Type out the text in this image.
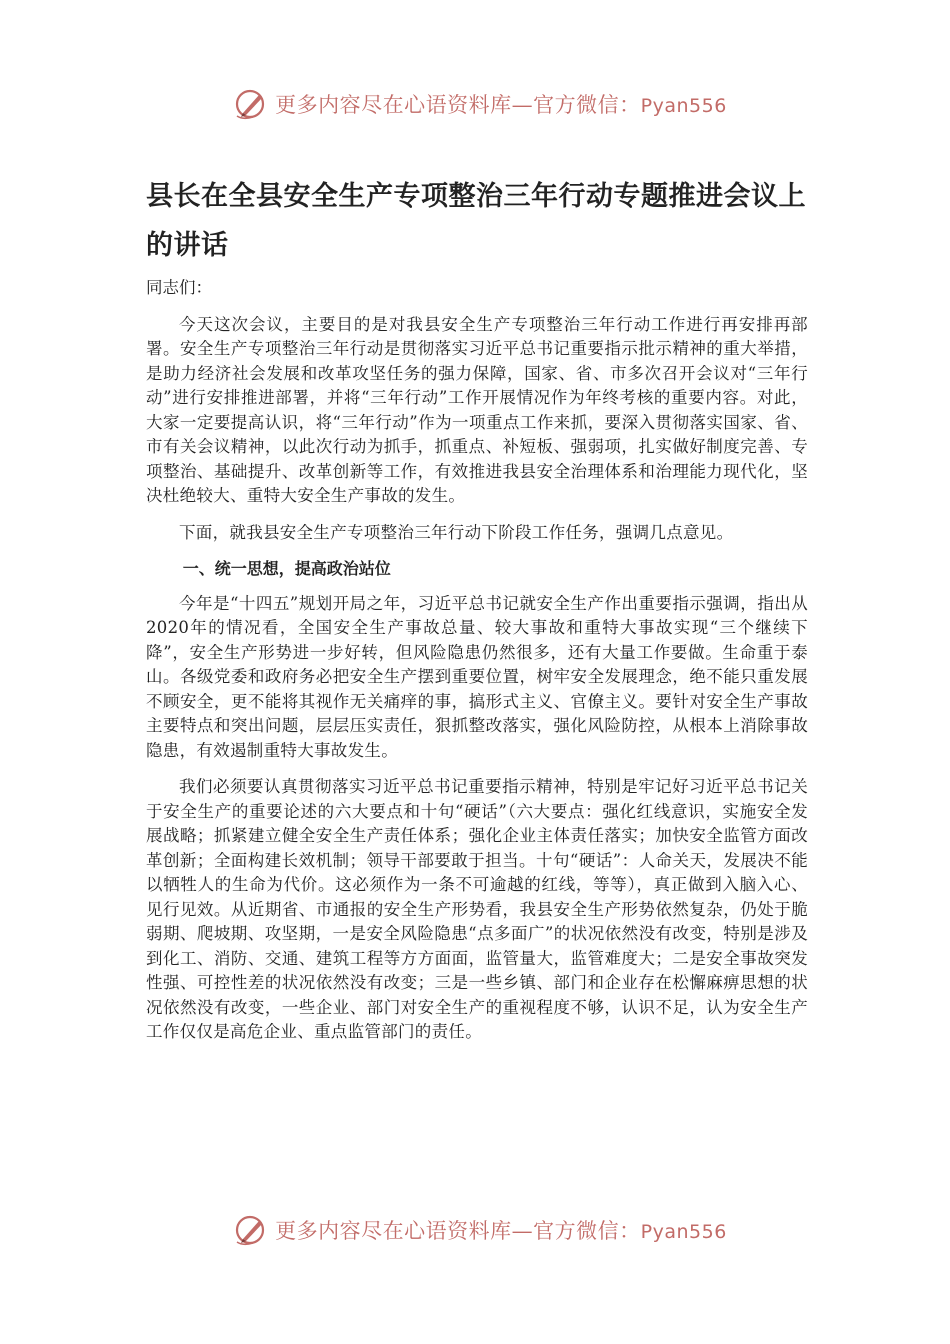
更多内容尽在心语资料库—官方微信：Pyan556
县长在全县安全生产专项整治三年行动专题推进会议上的讲话

同志们：

今天这次会议，主要目的是对我县安全生产专项整治三年行动工作进行再安排再部署。安全生产专项整治三年行动是贯彻落实习近平总书记重要指示批示精神的重大举措，是助力经济社会发展和改革攻坚任务的强力保障，国家、省、市多次召开会议对“三年行动”进行安排推进部署，并将“三年行动”工作开展情况作为年终考核的重要内容。对此，大家一定要提高认识，将“三年行动”作为一项重点工作来抓，要深入贯彻落实国家、省、市有关会议精神，以此次行动为抓手，抓重点、补短板、强弱项，扎实做好制度完善、专项整治、基础提升、改革创新等工作，有效推进我县安全治理体系和治理能力现代化，坚决杜绝较大、重特大安全生产事故的发生。

下面，就我县安全生产专项整治三年行动下阶段工作任务，强调几点意见。

一、统一思想，提高政治站位

今年是“十四五”规划开局之年，习近平总书记就安全生产作出重要指示强调，指出从2020年的情况看，全国安全生产事故总量、较大事故和重特大事故实现“三个继续下降”，安全生产形势进一步好转，但风险隐患仍然很多，还有大量工作要做。生命重于泰山。各级党委和政府务必把安全生产摆到重要位置，树牢安全发展理念，绝不能只重发展不顾安全，更不能将其视作无关痛痒的事，搞形式主义、官僚主义。要针对安全生产事故主要特点和突出问题，层层压实责任，狠抓整改落实，强化风险防控，从根本上消除事故隐患，有效遏制重特大事故发生。

我们必须要认真贯彻落实习近平总书记重要指示精神，特别是牢记好习近平总书记关于安全生产的重要论述的六大要点和十句“硬话”（六大要点：强化红线意识，实施安全发展战略；抓紧建立健全安全生产责任体系；强化企业主体责任落实；加快安全监管方面改革创新；全面构建长效机制；领导干部要敢于担当。十句“硬话”：人命关天，发展决不能以牺牲人的生命为代价。这必须作为一条不可逾越的红线，等等），真正做到入脑入心、见行见效。从近期省、市通报的安全生产形势看，我县安全生产形势依然复杂，仍处于脆弱期、爬坡期、攻坚期，一是安全风险隐患“点多面广”的状况依然没有改变，特别是涉及到化工、消防、交通、建筑工程等方方面面，监管量大，监管难度大；二是安全事故突发性强、可控性差的状况依然没有改变；三是一些乡镇、部门和企业存在松懈麻痹思想的状况依然没有改变，一些企业、部门对安全生产的重视程度不够，认识不足，认为安全生产工作仅仅是高危企业、重点监管部门的责任。

更多内容尽在心语资料库—官方微信：Pyan556
